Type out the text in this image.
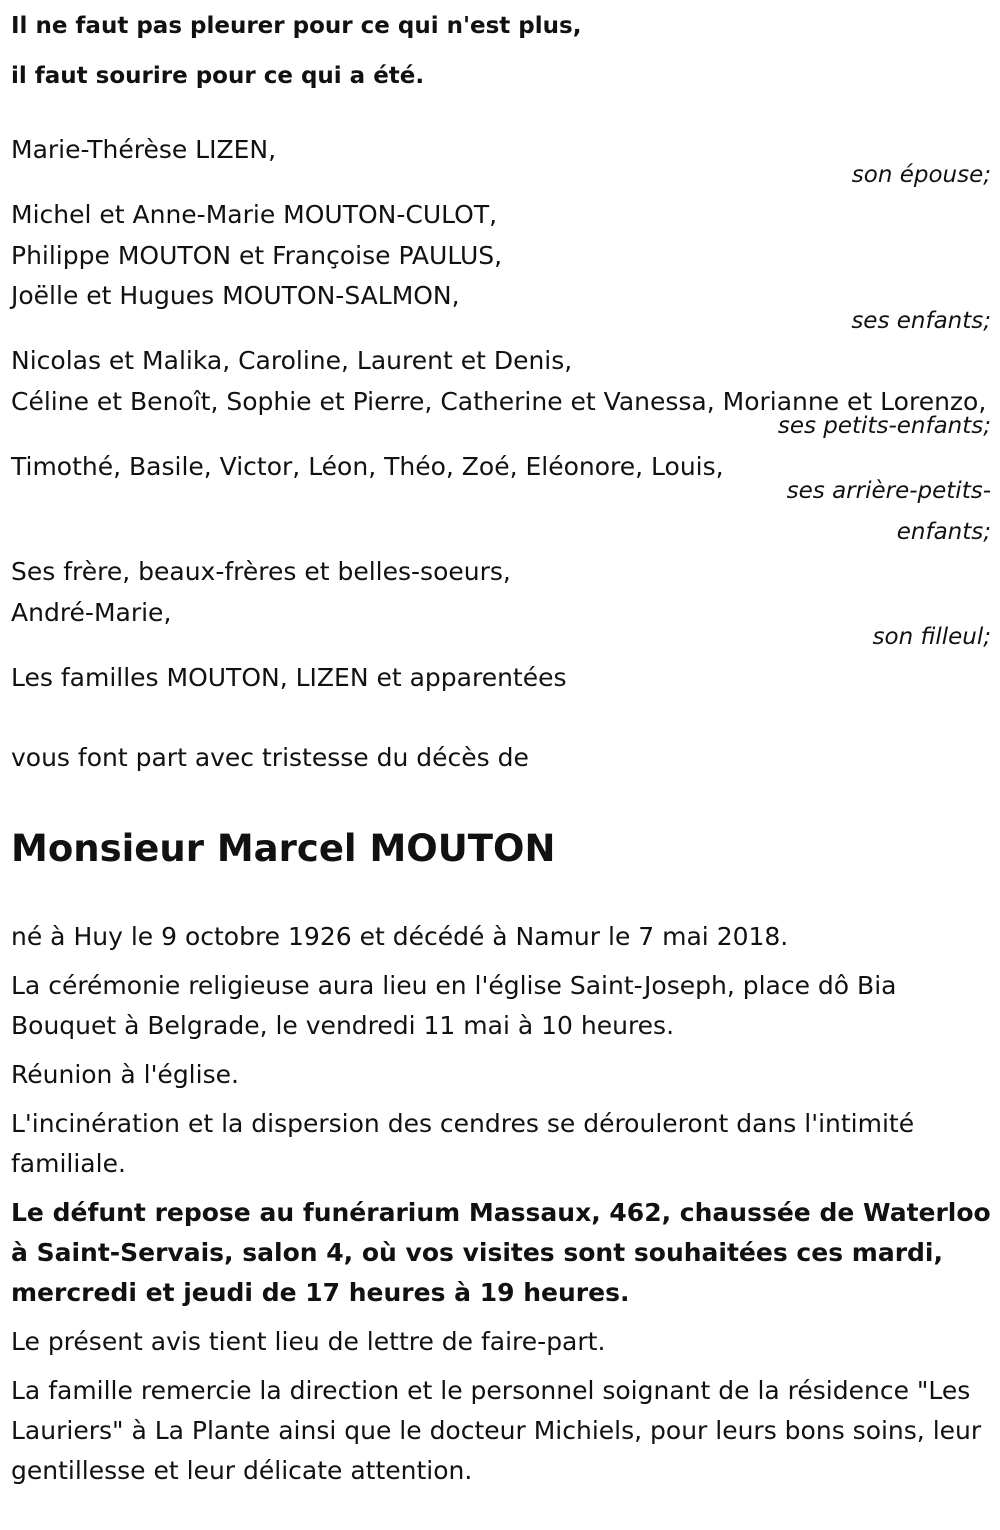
Il ne faut pas pleurer pour ce qui n'est plus,
il faut sourire pour ce qui a été.
Marie-Thérèse LIZEN,
son épouse;
Michel et Anne-Marie MOUTON-CULOT,
Philippe MOUTON et Françoise PAULUS,
Joëlle et Hugues MOUTON-SALMON,
ses enfants;
Nicolas et Malika, Caroline, Laurent et Denis,
Céline et Benoît, Sophie et Pierre, Catherine et Vanessa, Morianne et Lorenzo,
ses petits-enfants;
Timothé, Basile, Victor, Léon, Théo, Zoé, Eléonore, Louis,
ses arrière-petits-enfants;
Ses frère, beaux-frères et belles-soeurs,
André-Marie,
son filleul;
Les familles MOUTON, LIZEN et apparentées
vous font part avec tristesse du décès de
Monsieur Marcel MOUTON
né à Huy le 9 octobre 1926 et décédé à Namur le 7 mai 2018.
La cérémonie religieuse aura lieu en l'église Saint-Joseph, place dô Bia Bouquet à Belgrade, le vendredi 11 mai à 10 heures.
Réunion à l'église.
L'incinération et la dispersion des cendres se dérouleront dans l'intimité familiale.
Le défunt repose au funérarium Massaux, 462, chaussée de Waterloo à Saint-Servais, salon 4, où vos visites sont souhaitées ces mardi, mercredi et jeudi de 17 heures à 19 heures.
Le présent avis tient lieu de lettre de faire-part.
La famille remercie la direction et le personnel soignant de la résidence "Les Lauriers" à La Plante ainsi que le docteur Michiels, pour leurs bons soins, leur gentillesse et leur délicate attention.
